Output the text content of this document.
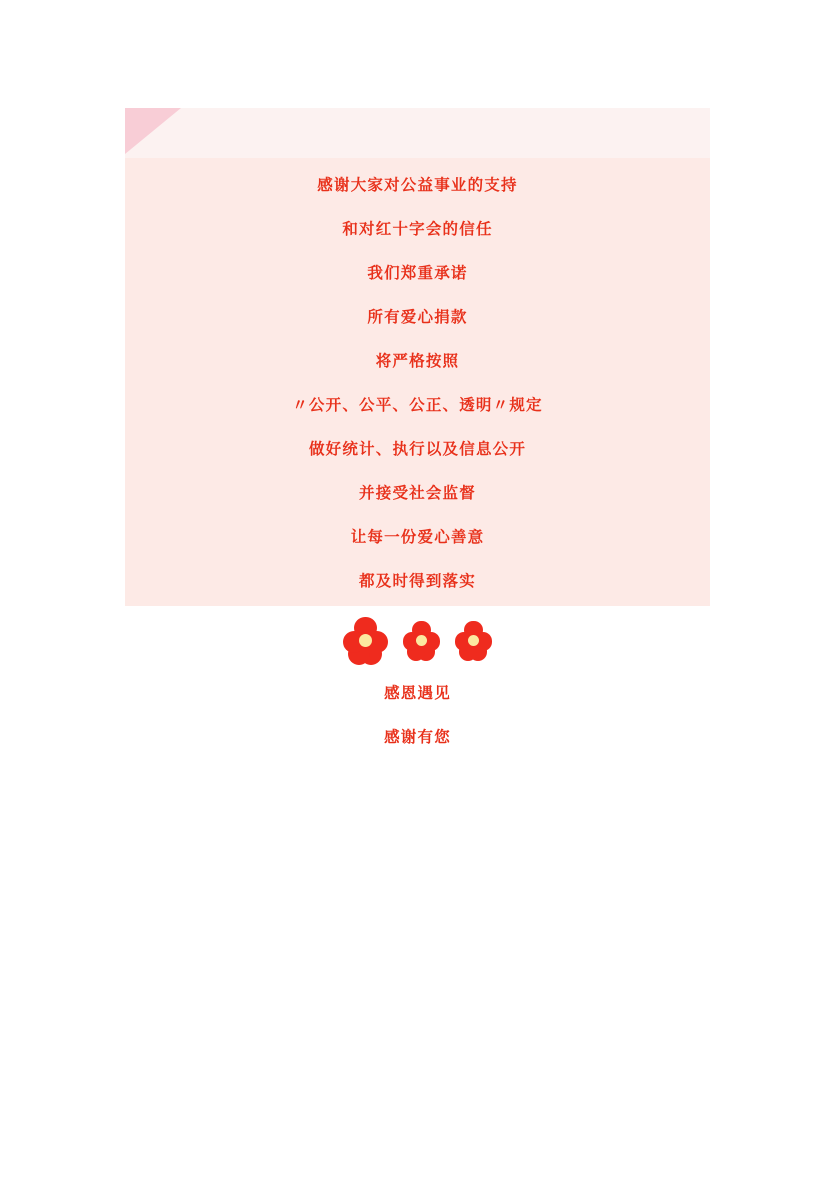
感谢大家对公益事业的支持
和对红十字会的信任
我们郑重承诺
所有爱心捐款
将严格按照
〃公开、公平、公正、透明〃规定
做好统计、执行以及信息公开
并接受社会监督
让每一份爱心善意
都及时得到落实
感恩遇见
感谢有您
